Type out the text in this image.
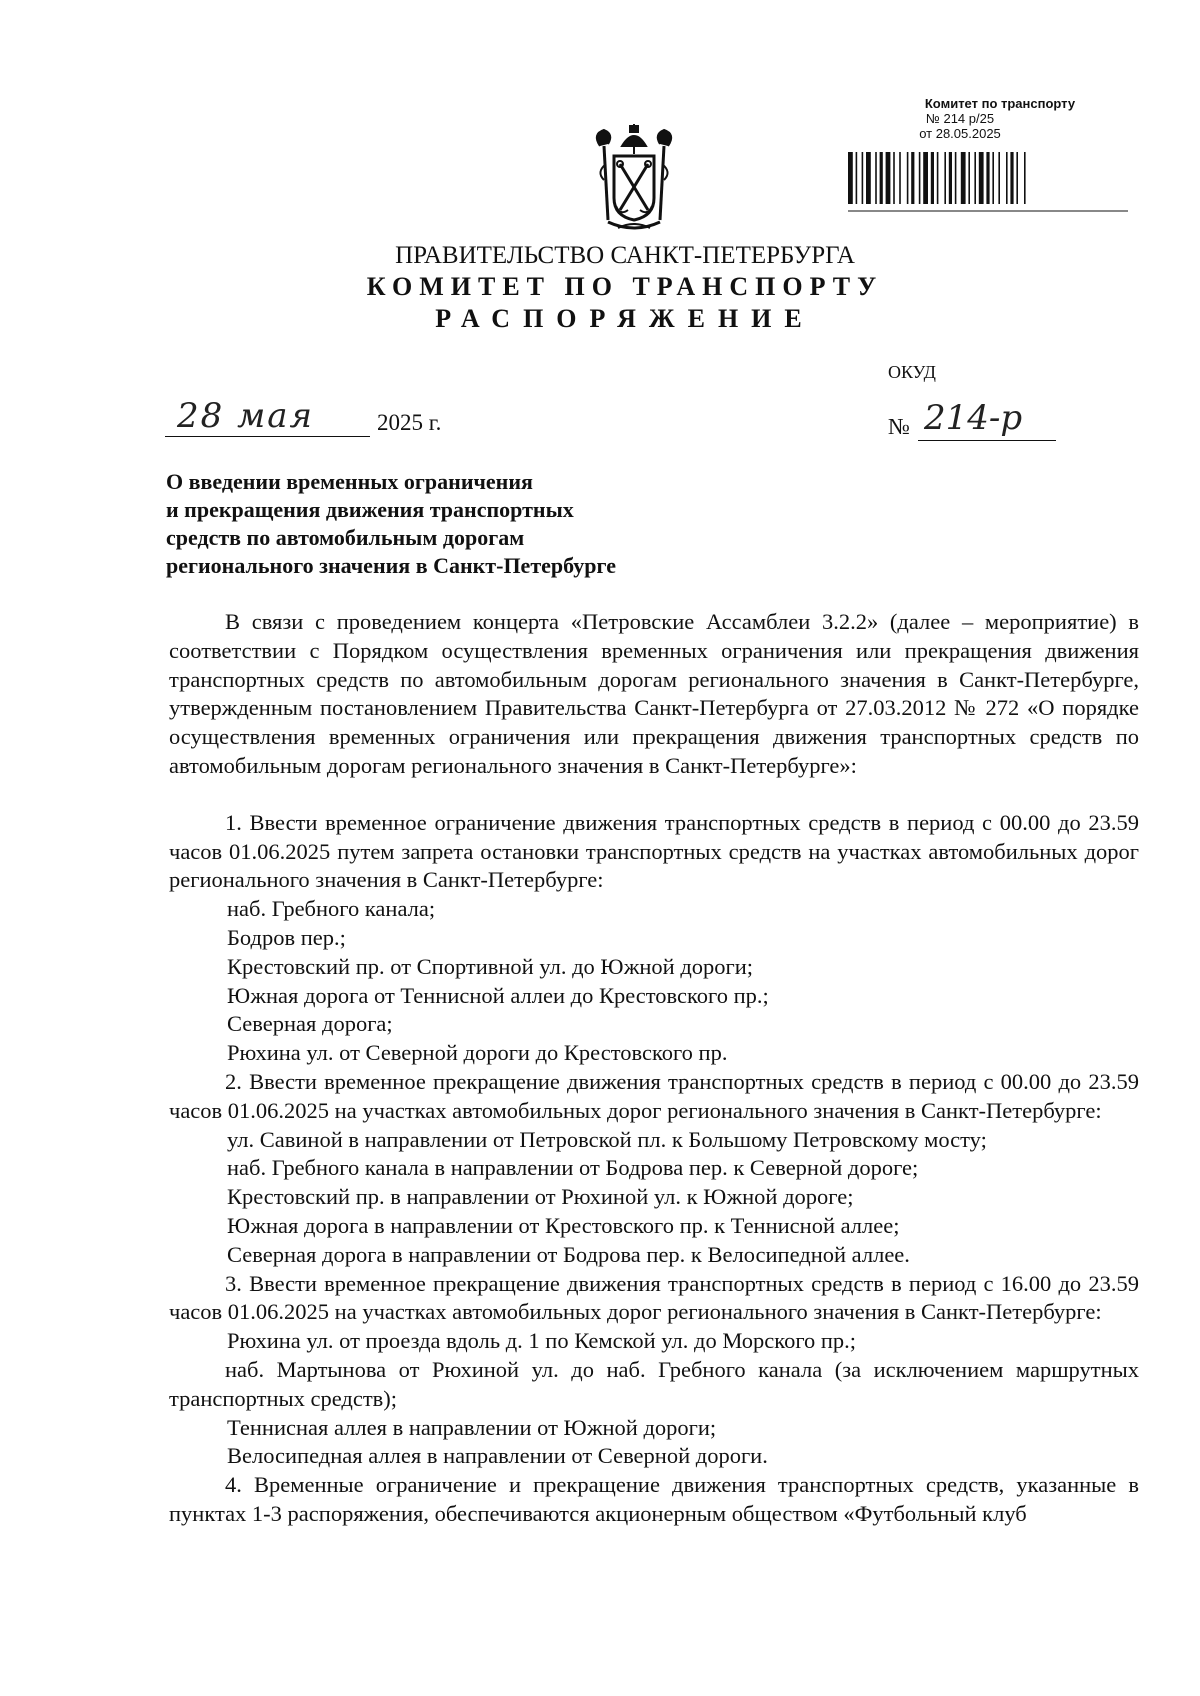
Комитет по транспорту
№ 214 р/25
от 28.05.2025
ПРАВИТЕЛЬСТВО САНКТ-ПЕТЕРБУРГА
КОМИТЕТ ПО ТРАНСПОРТУ
РАСПОРЯЖЕНИЕ
ОКУД
28 мая	2025 г.	№ 214-р
О введении временных ограничения
и прекращения движения транспортных
средств по автомобильным дорогам
регионального значения в Санкт-Петербурге

В связи с проведением концерта «Петровские Ассамблеи 3.2.2» (далее – мероприятие) в соответствии с Порядком осуществления временных ограничения или прекращения движения транспортных средств по автомобильным дорогам регионального значения в Санкт-Петербурге, утвержденным постановлением Правительства Санкт-Петербурга от 27.03.2012 № 272 «О порядке осуществления временных ограничения или прекращения движения транспортных средств по автомобильным дорогам регионального значения в Санкт-Петербурге»:

1. Ввести временное ограничение движения транспортных средств в период с 00.00 до 23.59 часов 01.06.2025 путем запрета остановки транспортных средств на участках автомобильных дорог регионального значения в Санкт-Петербурге:

наб. Гребного канала;

Бодров пер.;

Крестовский пр. от Спортивной ул. до Южной дороги;

Южная дорога от Теннисной аллеи до Крестовского пр.;

Северная дорога;

Рюхина ул. от Северной дороги до Крестовского пр.

2. Ввести временное прекращение движения транспортных средств в период с 00.00 до 23.59 часов 01.06.2025 на участках автомобильных дорог регионального значения в Санкт-Петербурге:

ул. Савиной в направлении от Петровской пл. к Большому Петровскому мосту;

наб. Гребного канала в направлении от Бодрова пер. к Северной дороге;

Крестовский пр. в направлении от Рюхиной ул. к Южной дороге;

Южная дорога в направлении от Крестовского пр. к Теннисной аллее;

Северная дорога в направлении от Бодрова пер. к Велосипедной аллее.

3. Ввести временное прекращение движения транспортных средств в период с 16.00 до 23.59 часов 01.06.2025 на участках автомобильных дорог регионального значения в Санкт-Петербурге:

Рюхина ул. от проезда вдоль д. 1 по Кемской ул. до Морского пр.;

наб. Мартынова от Рюхиной ул. до наб. Гребного канала (за исключением маршрутных транспортных средств);

Теннисная аллея в направлении от Южной дороги;

Велосипедная аллея в направлении от Северной дороги.

4. Временные ограничение и прекращение движения транспортных средств, указанные в пунктах 1-3 распоряжения, обеспечиваются акционерным обществом «Футбольный клуб
